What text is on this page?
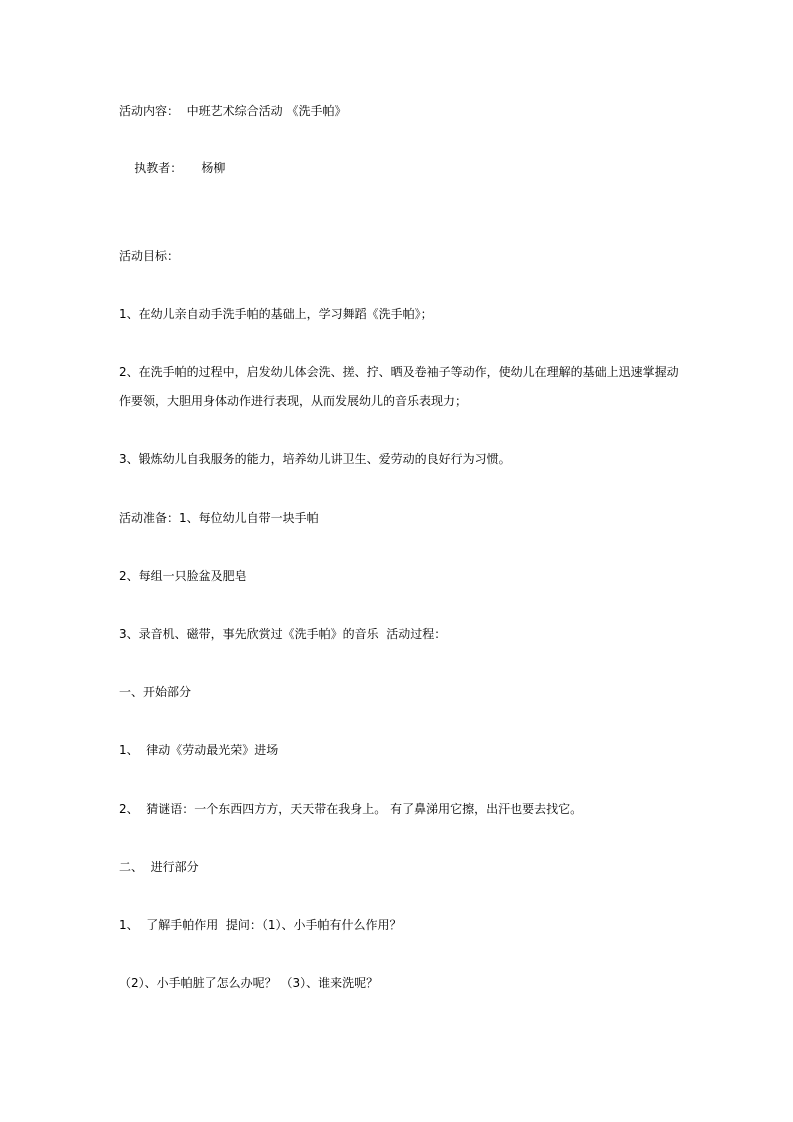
活动内容：  中班艺术综合活动 《洗手帕》
执教者：     杨柳
活动目标：
1、在幼儿亲自动手洗手帕的基础上，学习舞蹈《洗手帕》；
2、在洗手帕的过程中，启发幼儿体会洗、搓、拧、晒及卷袖子等动作，使幼儿在理解的基础上迅速掌握动
作要领，大胆用身体动作进行表现，从而发展幼儿的音乐表现力；
3、锻炼幼儿自我服务的能力，培养幼儿讲卫生、爱劳动的良好行为习惯。
活动准备：1、每位幼儿自带一块手帕
2、每组一只脸盆及肥皂
3、录音机、磁带，事先欣赏过《洗手帕》的音乐  活动过程：
一、开始部分
1、  律动《劳动最光荣》进场
2、  猜谜语：一个东西四方方，天天带在我身上。 有了鼻涕用它擦，出汗也要去找它。
二、  进行部分
1、  了解手帕作用  提问：（1）、小手帕有什么作用？
（2）、小手帕脏了怎么办呢？ （3）、谁来洗呢？
